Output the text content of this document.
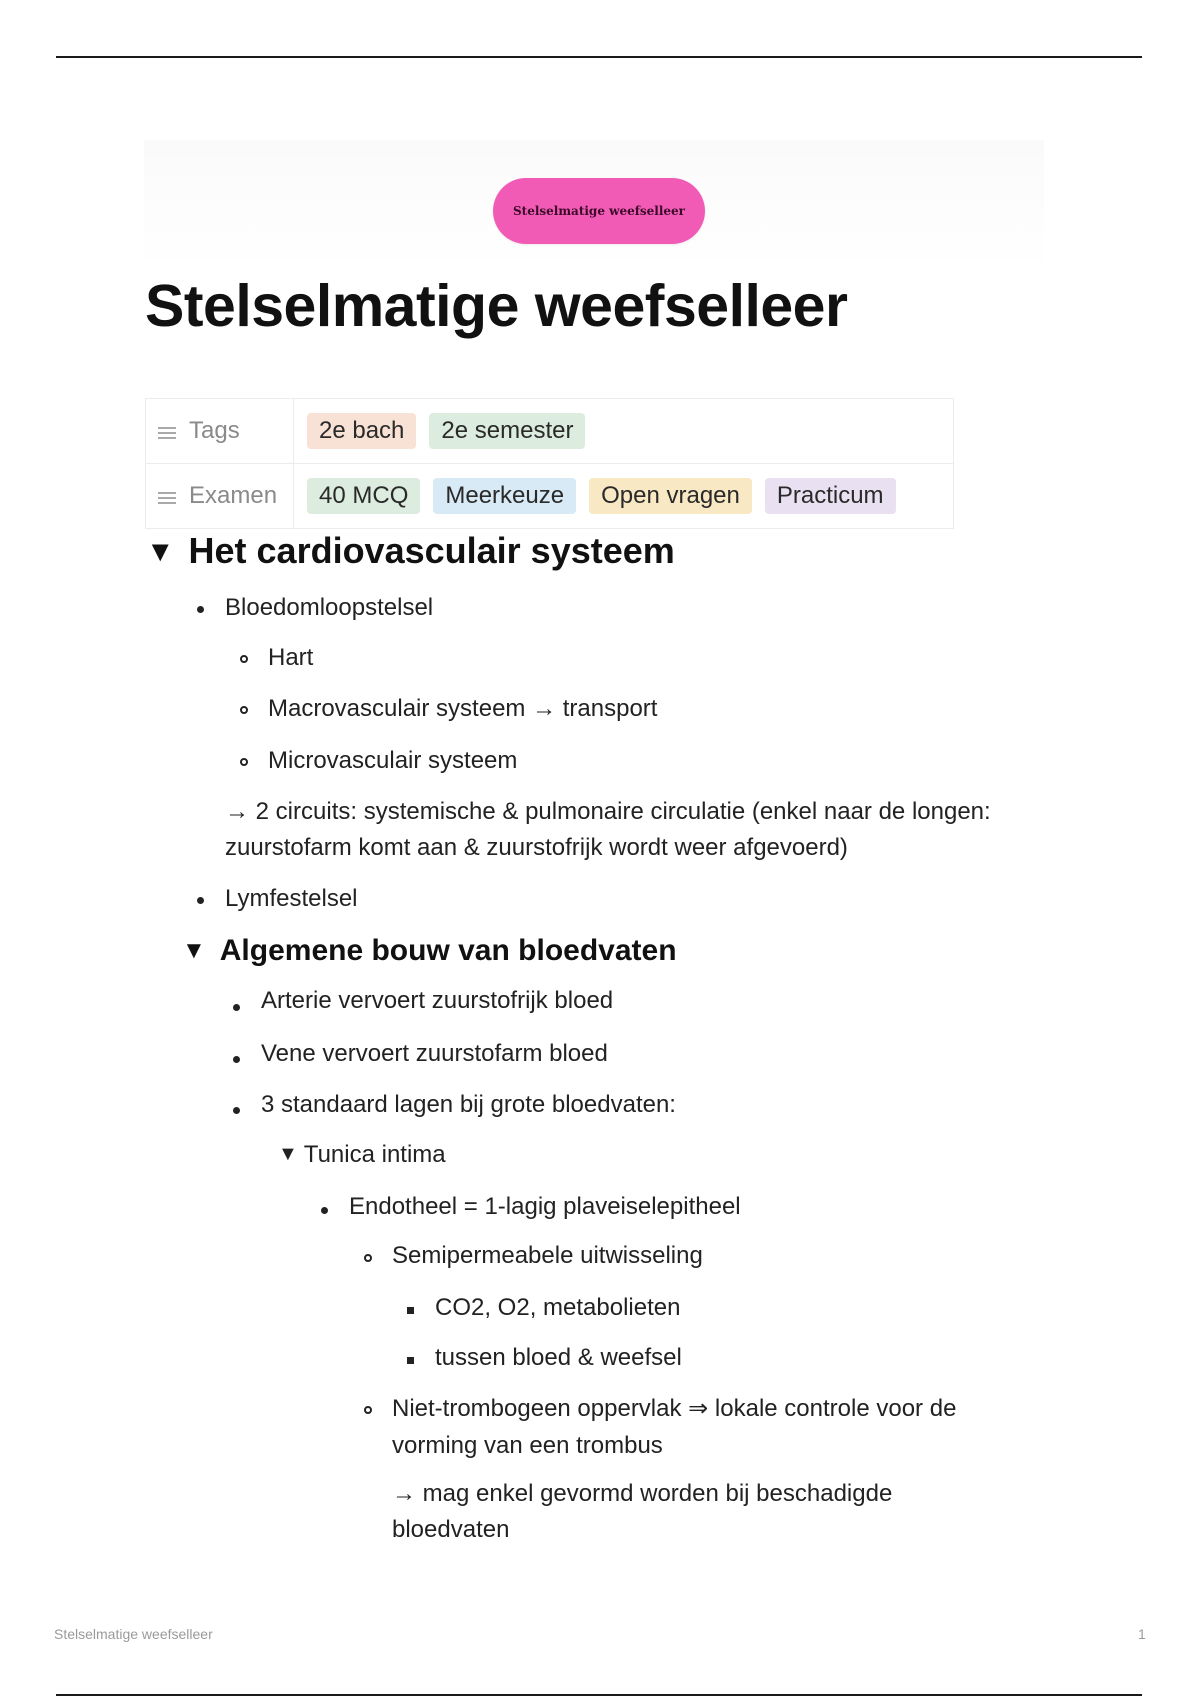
Stelselmatige weefselleer
Stelselmatige weefselleer
Tags	2e bach	2e semester
Examen	40 MCQ	Meerkeuze	Open vragen	Practicum
▼ Het cardiovasculair systeem
Bloedomloopstelsel
Hart
Macrovasculair systeem → transport
Microvasculair systeem
→ 2 circuits: systemische & pulmonaire circulatie (enkel naar de longen:
zuurstofarm komt aan & zuurstofrijk wordt weer afgevoerd)
Lymfestelsel
▼ Algemene bouw van bloedvaten
Arterie vervoert zuurstofrijk bloed
Vene vervoert zuurstofarm bloed
3 standaard lagen bij grote bloedvaten:
▼ Tunica intima
Endotheel = 1-lagig plaveiselepitheel
Semipermeabele uitwisseling
CO2, O2, metabolieten
tussen bloed & weefsel
Niet-trombogeen oppervlak ⇒ lokale controle voor de
vorming van een trombus
→ mag enkel gevormd worden bij beschadigde
bloedvaten
Stelselmatige weefselleer	1
